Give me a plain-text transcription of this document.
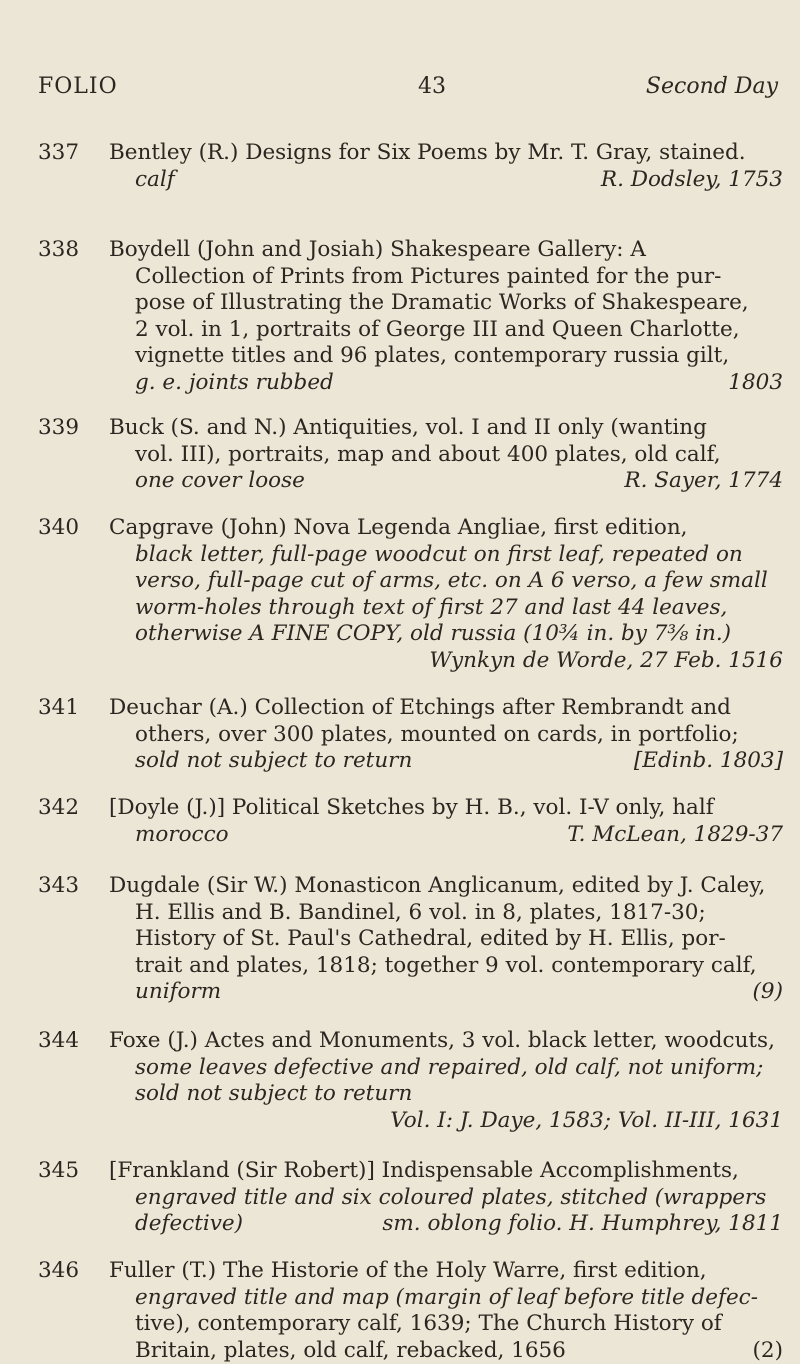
FOLIO	43	Second Day
337	Bentley (R.) Designs for Six Poems by Mr. T. Gray, stained.
calf	R. Dodsley, 1753
338	Boydell (John and Josiah) Shakespeare Gallery: A
Collection of Prints from Pictures painted for the pur-
pose of Illustrating the Dramatic Works of Shakespeare,
2 vol. in 1, portraits of George III and Queen Charlotte,
vignette titles and 96 plates, contemporary russia gilt,
g. e. joints rubbed	1803
339	Buck (S. and N.) Antiquities, vol. I and II only (wanting
vol. III), portraits, map and about 400 plates, old calf,
one cover loose	R. Sayer, 1774
340	Capgrave (John) Nova Legenda Angliae, first edition,
black letter, full-page woodcut on first leaf, repeated on
verso, full-page cut of arms, etc. on A 6 verso, a few small
worm-holes through text of first 27 and last 44 leaves,
otherwise A FINE COPY, old russia (10¾ in. by 7⅜ in.)
Wynkyn de Worde, 27 Feb. 1516
341	Deuchar (A.) Collection of Etchings after Rembrandt and
others, over 300 plates, mounted on cards, in portfolio;
sold not subject to return	[Edinb. 1803]
342	[Doyle (J.)] Political Sketches by H. B., vol. I-V only, half
morocco	T. McLean, 1829-37
343	Dugdale (Sir W.) Monasticon Anglicanum, edited by J. Caley,
H. Ellis and B. Bandinel, 6 vol. in 8, plates, 1817-30;
History of St. Paul's Cathedral, edited by H. Ellis, por-
trait and plates, 1818; together 9 vol. contemporary calf,
uniform	(9)
344	Foxe (J.) Actes and Monuments, 3 vol. black letter, woodcuts,
some leaves defective and repaired, old calf, not uniform;
sold not subject to return
Vol. I: J. Daye, 1583; Vol. II-III, 1631
345	[Frankland (Sir Robert)] Indispensable Accomplishments,
engraved title and six coloured plates, stitched (wrappers
defective)	sm. oblong folio. H. Humphrey, 1811
346	Fuller (T.) The Historie of the Holy Warre, first edition,
engraved title and map (margin of leaf before title defec-
tive), contemporary calf, 1639; The Church History of
Britain, plates, old calf, rebacked, 1656	(2)
